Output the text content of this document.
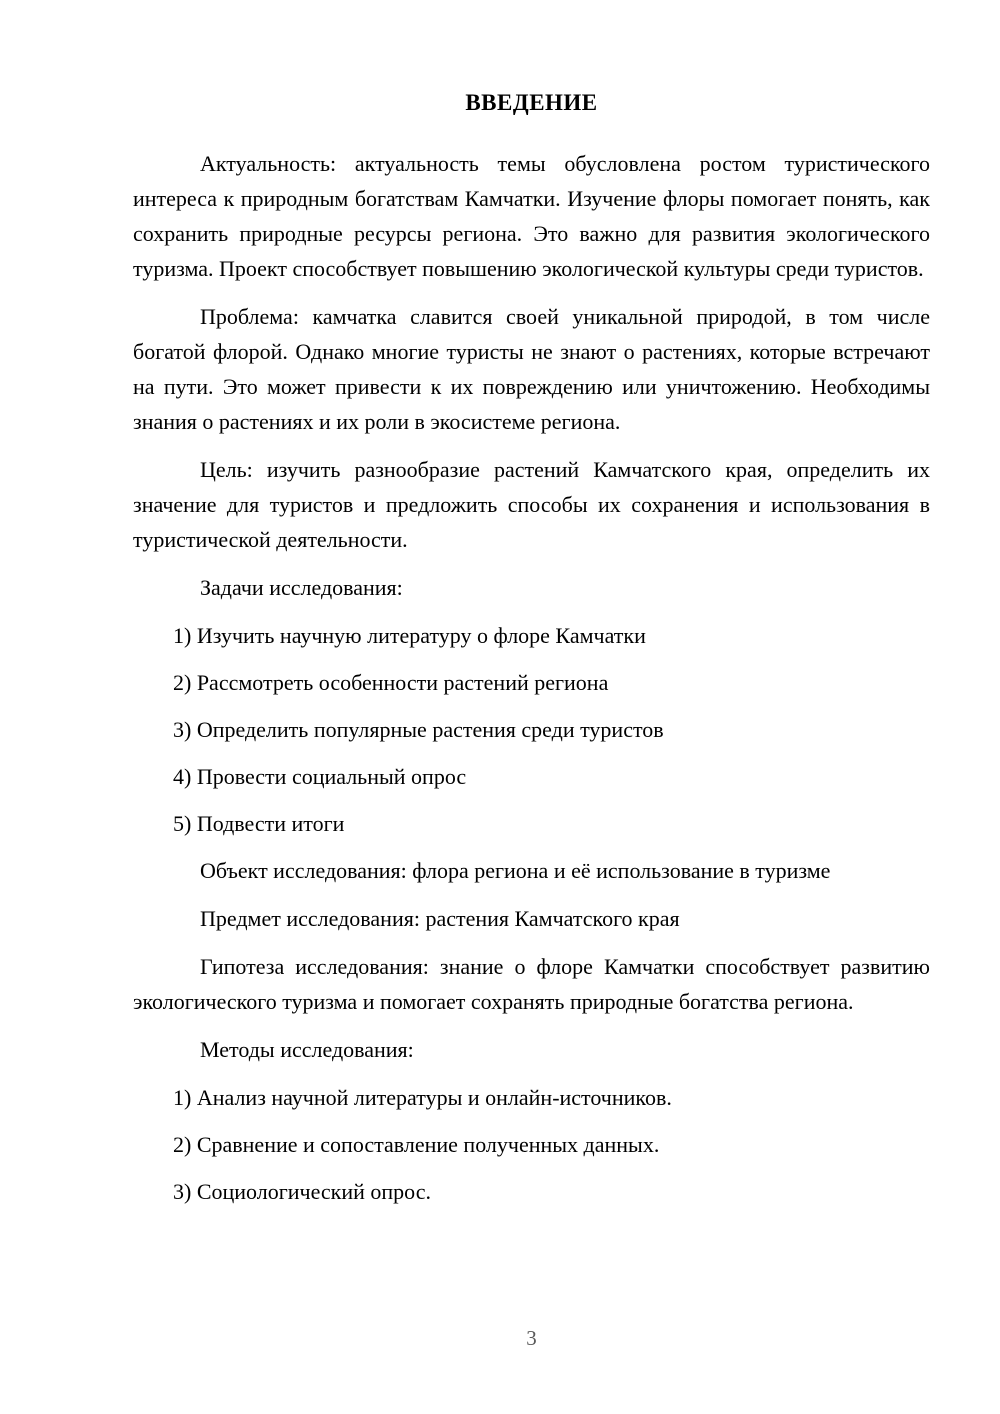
ВВЕДЕНИЕ

Актуальность: актуальность темы обусловлена ростом туристического интереса к природным богатствам Камчатки. Изучение флоры помогает понять, как сохранить природные ресурсы региона. Это важно для развития экологического туризма. Проект способствует повышению экологической культуры среди туристов.

Проблема: камчатка славится своей уникальной природой, в том числе богатой флорой. Однако многие туристы не знают о растениях, которые встречают на пути. Это может привести к их повреждению или уничтожению. Необходимы знания о растениях и их роли в экосистеме региона.

Цель: изучить разнообразие растений Камчатского края, определить их значение для туристов и предложить способы их сохранения и использования в туристической деятельности.

Задачи исследования:

1) Изучить научную литературу о флоре Камчатки

2) Рассмотреть особенности растений региона

3) Определить популярные растения среди туристов

4) Провести социальный опрос

5) Подвести итоги

Объект исследования: флора региона и её использование в туризме

Предмет исследования: растения Камчатского края

Гипотеза исследования: знание о флоре Камчатки способствует развитию экологического туризма и помогает сохранять природные богатства региона.

Методы исследования:

1) Анализ научной литературы и онлайн-источников.

2) Сравнение и сопоставление полученных данных.

3) Социологический опрос.

3
